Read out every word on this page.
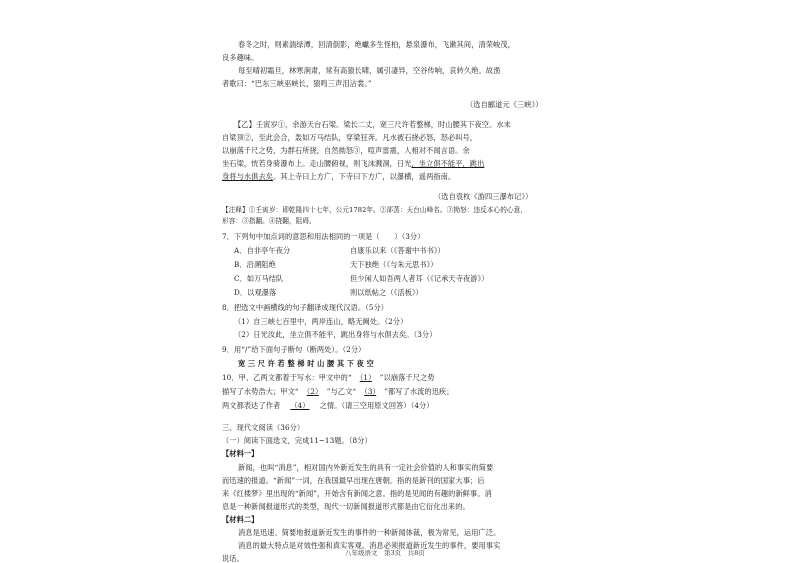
春冬之时，则素湍绿潭，回清倒影，绝巘多生怪柏，悬泉瀑布，飞漱其间，清荣峻茂，
良多趣味。
每至晴初霜旦，林寒涧肃，常有高猿长啸，属引凄异，空谷传响，哀转久绝。故渔
者歌曰：“巴东三峡巫峡长，猿鸣三声泪沾裳。”
（选自郦道元《三峡》）
【乙】壬寅岁①，余游天台石梁。梁长二丈，宽三尺许若整梯，时山腰其下夜空。水未
自梁顶②，至此会合，轰如万马结队，穿梁狂奔。凡水被石挠必怒，怒必叫号，
以崩落千尺之势，为群石所挠，自然拗怒③，喧声雷震，人相对不闻言语。余
坐石梁，恍若身骑瀑布上。走山腰俯视，则飞沫溅洞，日光，坐立俱不能平，跳出
身将与水俱去矣。其上寺曰上方广，下寺曰下方广，以瀑横，遥两指南。
（选自袁枚《游四三瀑布记》）
【注释】①壬寅岁：即乾隆四十七年，公元1782年。②郤蒸：天台山峰名。③拗怒：违反本心的心意，
形容：③指翻。④挠翻，阻碍。
7．下列句中加点词的意思和用法相同的一项是（　　）（3分）
A．自非亭午夜分	自康乐以来（《答谢中书书》）
B．沿溯阻绝	天下独绝（《与朱元思书》）
C．如万马结队	但少闲人如吾两人者耳（《记承天寺夜游》）
D．以观瀑落	则以纸帖之（《活板》）
8．把选文中画横线的句子翻译成现代汉语。（5分）
（1）自三峡七百里中，两岸连山，略无阙处。（2分）
（2）日光汝此，坐立俱不能平，跳出身将与水俱去矣。（3分）
9．用“/”给下面句子断句（断两处）。（2分）
宽 三 尺 许 若 整 梯 时 山 腰 其 下 夜 空
10．甲、乙两文都着于写水：甲文中的“ （1） ”以崩落千尺之势
描写了水势浩大；甲文“ （2） ”与乙文“ （3） ”都写了水流的迅疾；
两文都表达了作者 （4） 之情。（请三空用原文回答）（4分）
三、现代文阅读（36分）
（一）阅读下面选文，完成11~13题。（8分）
【材料一】
新闻，也叫“消息”，相对国内外新近发生的具有一定社会价值的人和事实的简要
而迅速的报道。“新闻”一词，在我国最早出现在唐朝。指的是新刊的国家大事；后
来《红楼梦》里出现的“新闻”，开始含有新闻之意。指的是见闻的有趣的新鲜事。消
息是一种新闻报道形式的类型，现代一切新闻报道形式都是由它衍化出来的。
【材料二】
消息是迅速、简要地报道新近发生的事件的一种新闻体裁，极为常见，运用广泛。
消息的最大特点是对效性强和真实客观。消息必须报道新近发生的事件，要用事实
说话。
八年级语文　第3页　共8页
